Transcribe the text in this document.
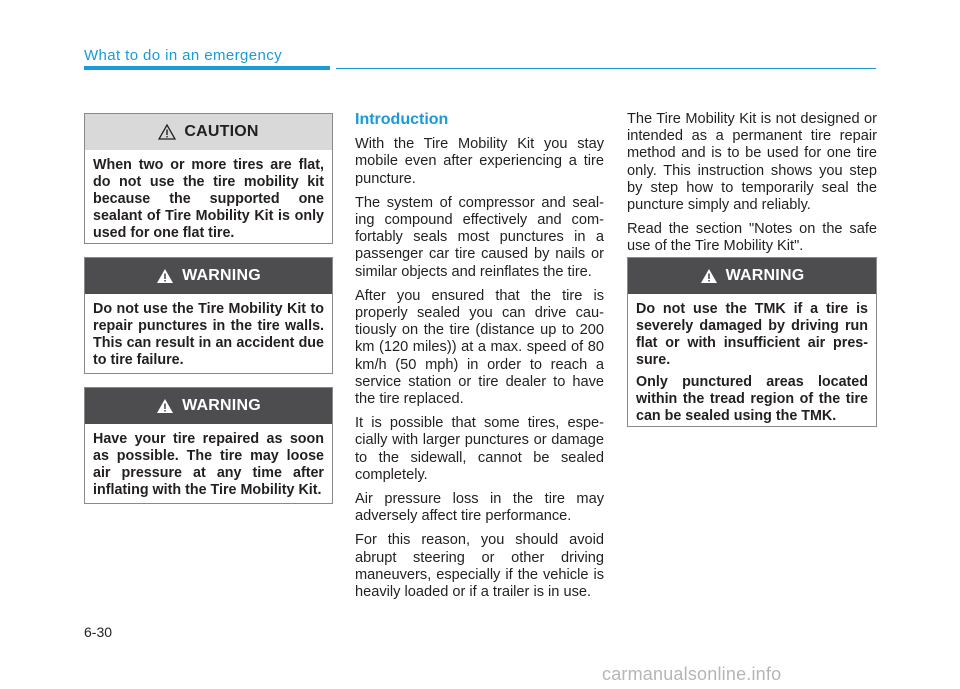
What to do in an emergency
CAUTION

When two or more tires are flat, do not use the tire mobility kit because the supported one sealant of Tire Mobility Kit is only used for one flat tire.

WARNING

Do not use the Tire Mobility Kit to repair punctures in the tire walls. This can result in an accident due to tire failure.

WARNING

Have your tire repaired as soon as possible. The tire may loose air pressure at any time after inflating with the Tire Mobility Kit.

Introduction

With the Tire Mobility Kit you stay mobile even after experiencing a tire puncture.

The system of compressor and sealing compound effectively and comfortably seals most punctures in a passenger car tire caused by nails or similar objects and reinflates the tire.

After you ensured that the tire is properly sealed you can drive cautiously on the tire (distance up to 200 km (120 miles)) at a max. speed of 80 km/h (50 mph) in order to reach a service station or tire dealer to have the tire replaced.

It is possible that some tires, especially with larger punctures or damage to the sidewall, cannot be sealed completely.

Air pressure loss in the tire may adversely affect tire performance.

For this reason, you should avoid abrupt steering or other driving maneuvers, especially if the vehicle is heavily loaded or if a trailer is in use.

The Tire Mobility Kit is not designed or intended as a permanent tire repair method and is to be used for one tire only. This instruction shows you step by step how to temporarily seal the puncture simply and reliably.

Read the section "Notes on the safe use of the Tire Mobility Kit".

WARNING

Do not use the TMK if a tire is severely damaged by driving run flat or with insufficient air pressure.

Only punctured areas located within the tread region of the tire can be sealed using the TMK.

6-30
carmanualsonline.info
